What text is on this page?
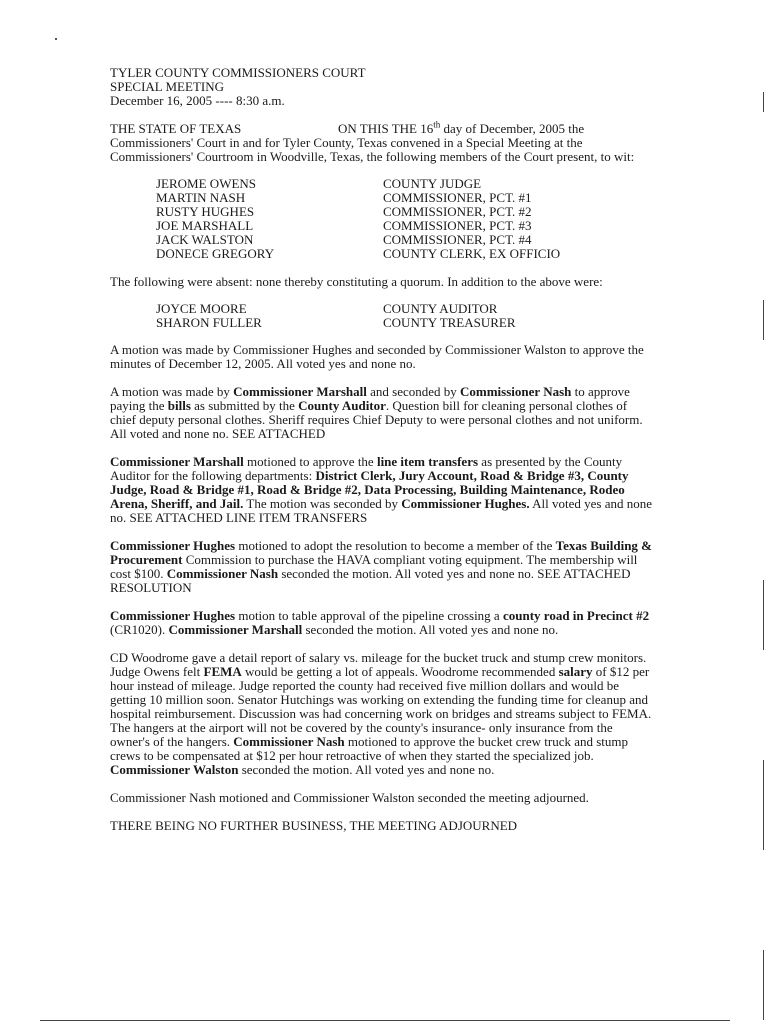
TYLER COUNTY COMMISSIONERS COURT
SPECIAL MEETING
December 16, 2005 ---- 8:30 a.m.

THE STATE OF TEXAS	ON THIS THE 16th day of December, 2005 the Commissioners' Court in and for Tyler County, Texas convened in a Special Meeting at the Commissioners' Courtroom in Woodville, Texas, the following members of the Court present, to wit:

JEROME OWENS	COUNTY JUDGE
MARTIN NASH	COMMISSIONER, PCT. #1
RUSTY HUGHES	COMMISSIONER, PCT. #2
JOE MARSHALL	COMMISSIONER, PCT. #3
JACK WALSTON	COMMISSIONER, PCT. #4
DONECE GREGORY	COUNTY CLERK, EX OFFICIO

The following were absent: none thereby constituting a quorum. In addition to the above were:

JOYCE MOORE	COUNTY AUDITOR
SHARON FULLER	COUNTY TREASURER

A motion was made by Commissioner Hughes and seconded by Commissioner Walston to approve the minutes of December 12, 2005. All voted yes and none no.

A motion was made by Commissioner Marshall and seconded by Commissioner Nash to approve paying the bills as submitted by the County Auditor. Question bill for cleaning personal clothes of chief deputy personal clothes. Sheriff requires Chief Deputy to were personal clothes and not uniform. All voted and none no. SEE ATTACHED

Commissioner Marshall motioned to approve the line item transfers as presented by the County Auditor for the following departments: District Clerk, Jury Account, Road & Bridge #3, County Judge, Road & Bridge #1, Road & Bridge #2, Data Processing, Building Maintenance, Rodeo Arena, Sheriff, and Jail. The motion was seconded by Commissioner Hughes. All voted yes and none no. SEE ATTACHED LINE ITEM TRANSFERS

Commissioner Hughes motioned to adopt the resolution to become a member of the Texas Building & Procurement Commission to purchase the HAVA compliant voting equipment. The membership will cost $100. Commissioner Nash seconded the motion. All voted yes and none no. SEE ATTACHED RESOLUTION

Commissioner Hughes motion to table approval of the pipeline crossing a county road in Precinct #2 (CR1020). Commissioner Marshall seconded the motion. All voted yes and none no.

CD Woodrome gave a detail report of salary vs. mileage for the bucket truck and stump crew monitors. Judge Owens felt FEMA would be getting a lot of appeals. Woodrome recommended salary of $12 per hour instead of mileage. Judge reported the county had received five million dollars and would be getting 10 million soon. Senator Hutchings was working on extending the funding time for cleanup and hospital reimbursement. Discussion was had concerning work on bridges and streams subject to FEMA. The hangers at the airport will not be covered by the county's insurance- only insurance from the owner's of the hangers. Commissioner Nash motioned to approve the bucket crew truck and stump crews to be compensated at $12 per hour retroactive of when they started the specialized job. Commissioner Walston seconded the motion. All voted yes and none no.

Commissioner Nash motioned and Commissioner Walston seconded the meeting adjourned.

THERE BEING NO FURTHER BUSINESS, THE MEETING ADJOURNED
